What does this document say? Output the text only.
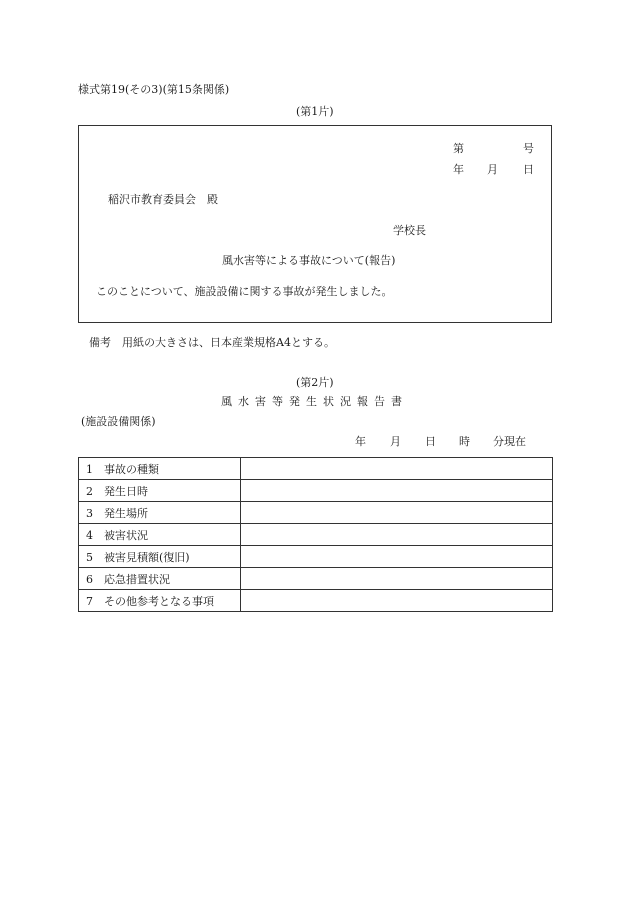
様式第19(その3)(第15条関係)
(第1片)
第	号
年 月 日
稲沢市教育委員会　殿
学校長
風水害等による事故について(報告)
このことについて、施設設備に関する事故が発生しました。
備考　用紙の大きさは、日本産業規格A4とする。
(第2片)
風水害等発生状況報告書
(施設設備関係)
年 月 日 時 分現在
1　事故の種類	
2　発生日時	
3　発生場所	
4　被害状況	
5　被害見積額(復旧)	
6　応急措置状況	
7　その他参考となる事項	
